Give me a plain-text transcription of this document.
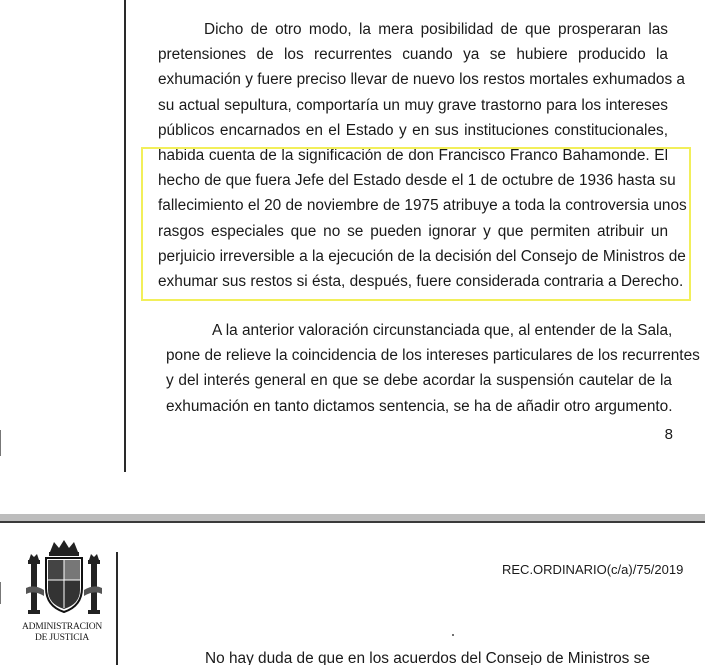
Dicho de otro modo, la mera posibilidad de que prosperaran las
pretensiones de los recurrentes cuando ya se hubiere producido la
exhumación y fuere preciso llevar de nuevo los restos mortales exhumados a
su actual sepultura, comportaría un muy grave trastorno para los intereses
públicos encarnados en el Estado y en sus instituciones constitucionales,
habida cuenta de la significación de don Francisco Franco Bahamonde. El
hecho de que fuera Jefe del Estado desde el 1 de octubre de 1936 hasta su
fallecimiento el 20 de noviembre de 1975 atribuye a toda la controversia unos
rasgos especiales que no se pueden ignorar y que permiten atribuir un
perjuicio irreversible a la ejecución de la decisión del Consejo de Ministros de
exhumar sus restos si ésta, después, fuere considerada contraria a Derecho.
A la anterior valoración circunstanciada que, al entender de la Sala,
pone de relieve la coincidencia de los intereses particulares de los recurrentes
y del interés general en que se debe acordar la suspensión cautelar de la
exhumación en tanto dictamos sentencia, se ha de añadir otro argumento.
8
ADMINISTRACION
DE JUSTICIA
REC.ORDINARIO(c/a)/75/2019
No hay duda de que en los acuerdos del Consejo de Ministros se
